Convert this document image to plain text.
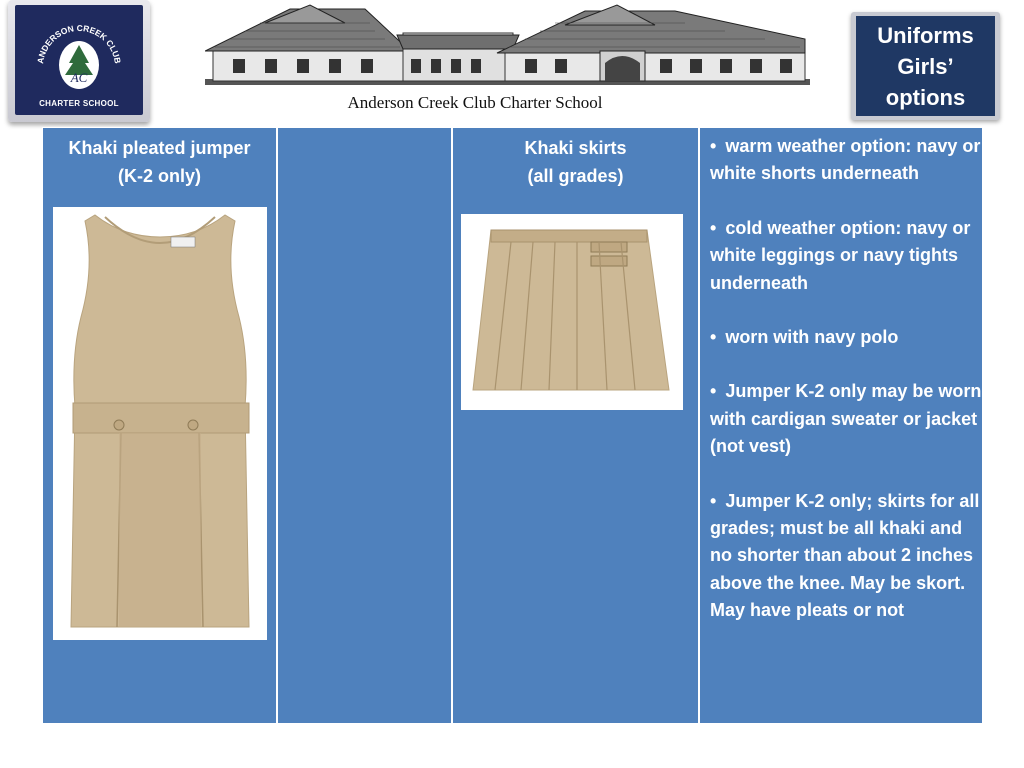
ANDERSON CREEK CLUB
AC
CHARTER SCHOOL	Anderson Creek Club Charter School
Uniforms
Girls’
options
Khaki pleated jumper
(K-2 only)
Khaki skirts
(all grades)
• warm weather option: navy or white shorts underneath
• cold weather option: navy or white leggings or navy tights underneath
• worn with navy polo
• Jumper K-2 only may be worn with cardigan sweater or jacket (not vest)
• Jumper K-2 only; skirts for all grades; must be all khaki and no shorter than about 2 inches above the knee. May be skort. May have pleats or not
